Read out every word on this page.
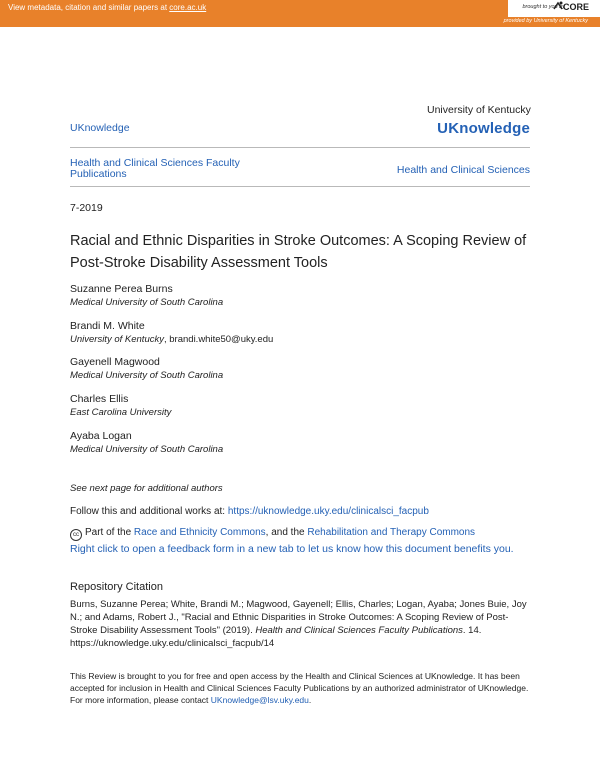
View metadata, citation and similar papers at core.ac.uk	brought to you by
CORE
provided by University of Kentucky
University of Kentucky
UKnowledge	UKnowledge
Health and Clinical Sciences Faculty Publications	Health and Clinical Sciences
7-2019
Racial and Ethnic Disparities in Stroke Outcomes: A Scoping Review of Post-Stroke Disability Assessment Tools
Suzanne Perea Burns
Medical University of South Carolina
Brandi M. White
University of Kentucky, brandi.white50@uky.edu
Gayenell Magwood
Medical University of South Carolina
Charles Ellis
East Carolina University
Ayaba Logan
Medical University of South Carolina
See next page for additional authors
Follow this and additional works at: https://uknowledge.uky.edu/clinicalsci_facpub
cc Part of the Race and Ethnicity Commons, and the Rehabilitation and Therapy Commons
Right click to open a feedback form in a new tab to let us know how this document benefits you.
Repository Citation
Burns, Suzanne Perea; White, Brandi M.; Magwood, Gayenell; Ellis, Charles; Logan, Ayaba; Jones Buie, Joy N.; and Adams, Robert J., "Racial and Ethnic Disparities in Stroke Outcomes: A Scoping Review of Post-Stroke Disability Assessment Tools" (2019). Health and Clinical Sciences Faculty Publications. 14.
https://uknowledge.uky.edu/clinicalsci_facpub/14
This Review is brought to you for free and open access by the Health and Clinical Sciences at UKnowledge. It has been accepted for inclusion in Health and Clinical Sciences Faculty Publications by an authorized administrator of UKnowledge. For more information, please contact UKnowledge@lsv.uky.edu.
